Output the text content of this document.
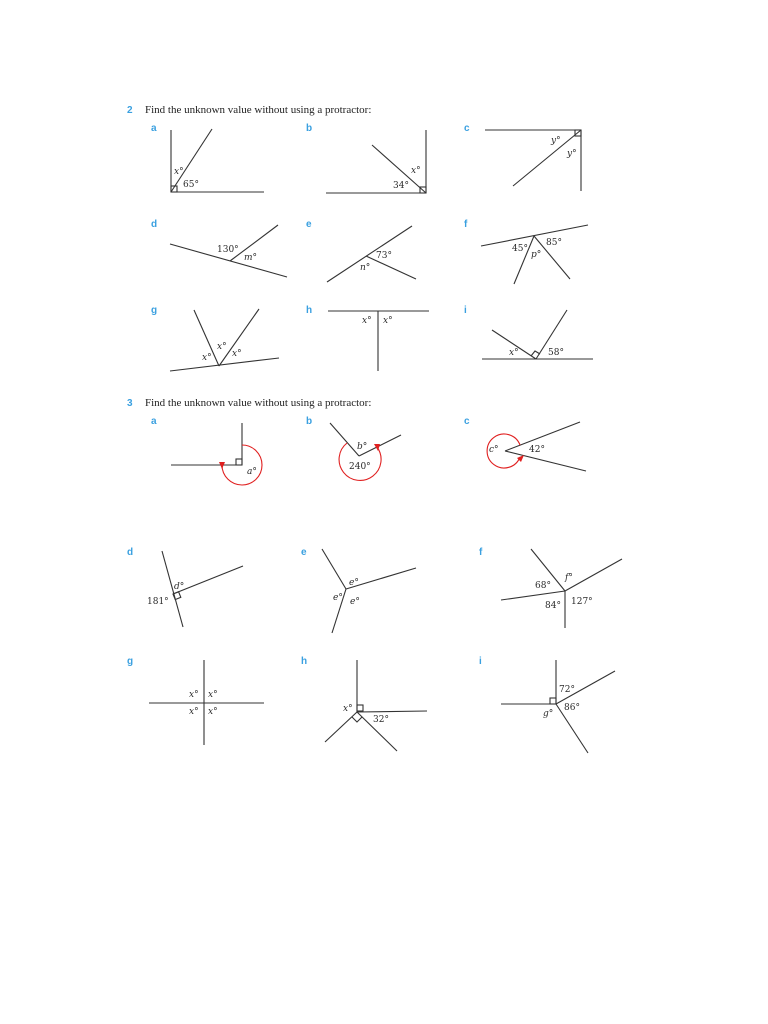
2 Find the unknown value without using a protractor:
a
x°
65°
b
x°
34°
c
y°
y°
d
130°
m°
e
73°
n°
f
45°
85°
p°
g
x°
x° x°
h
x° x°
i
x°	58°
3 Find the unknown value without using a protractor:
a
a°
b
b°
240°
c
c°	42°
d
d°
181°
e
e°
e° e°
f
68°
f°
84° 127°
g
x° x°
x° x°
h
x°
32°
i
72°
g°
86°
